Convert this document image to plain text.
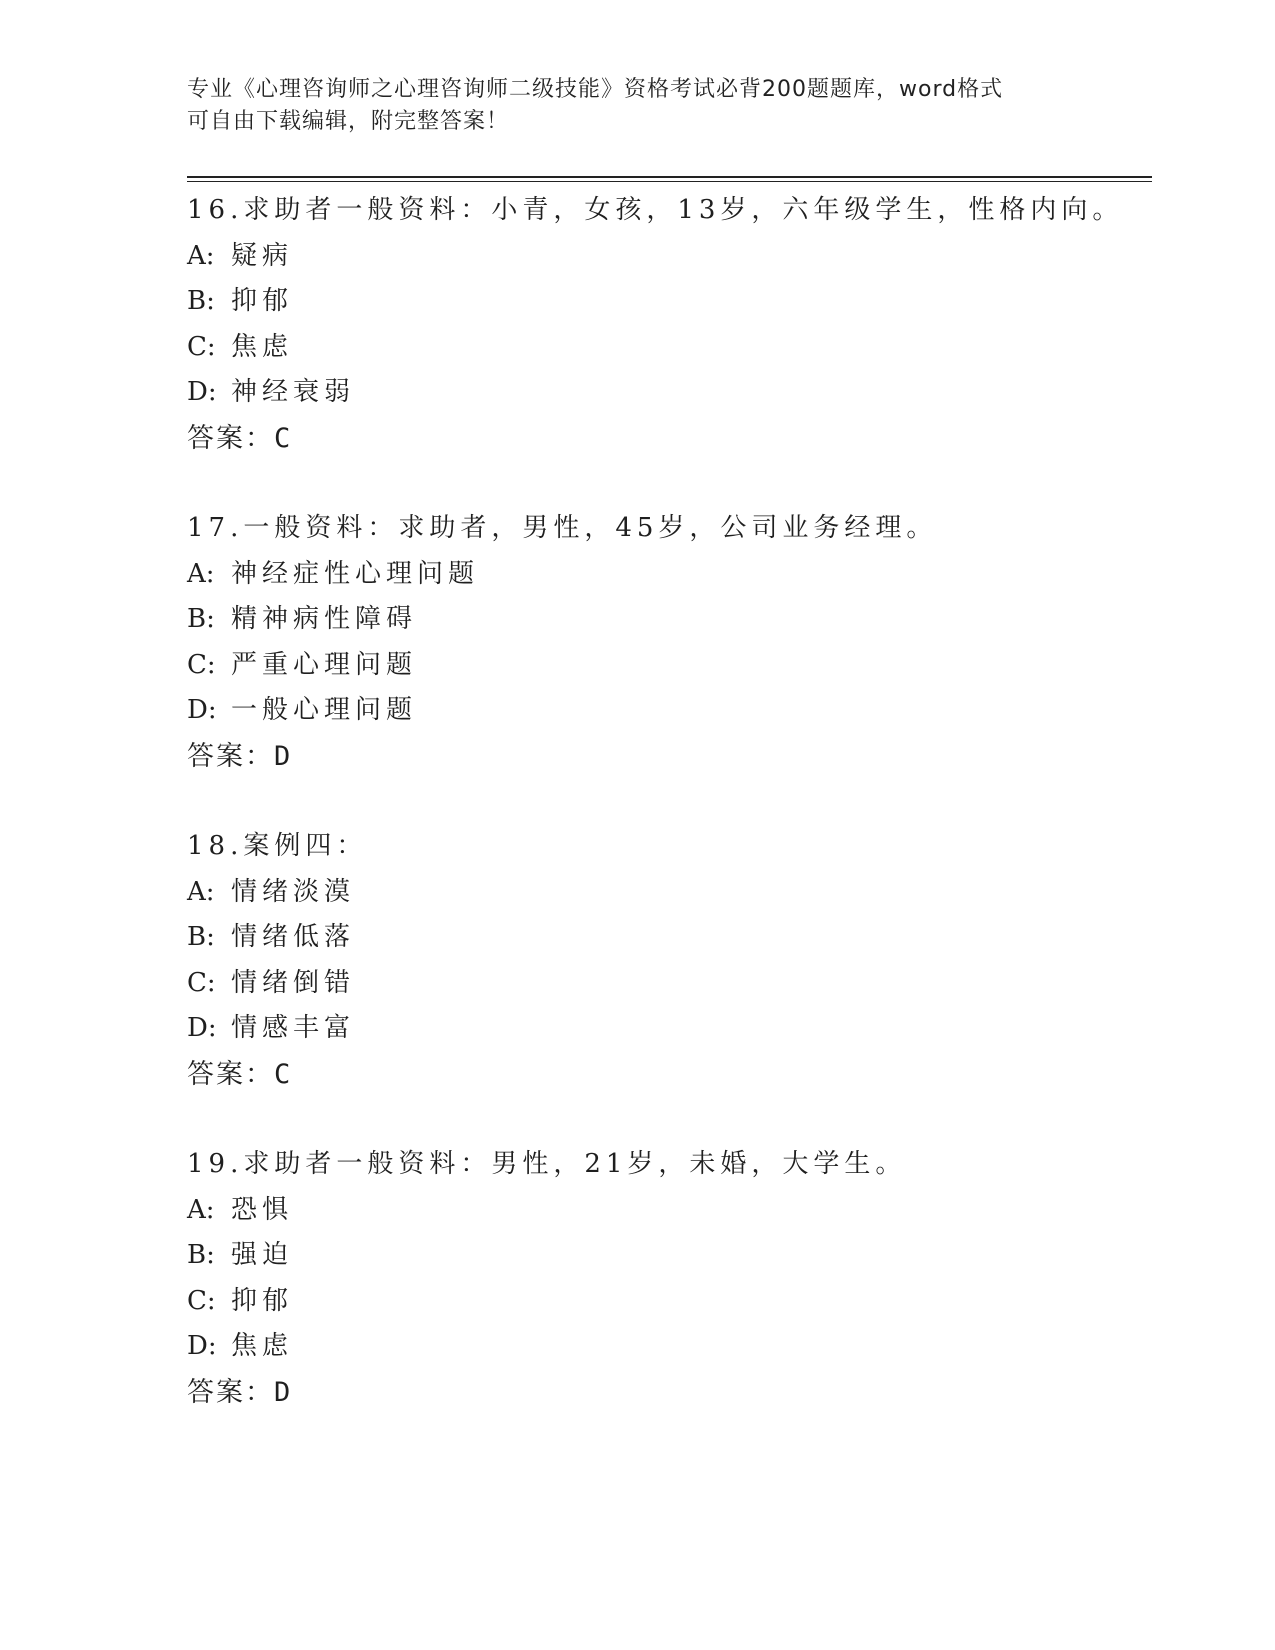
专业《心理咨询师之心理咨询师二级技能》资格考试必背200题题库，word格式
可自由下载编辑，附完整答案！
16.求助者一般资料：小青，女孩，13岁，六年级学生，性格内向。
A: 疑病
B: 抑郁
C: 焦虑
D: 神经衰弱
答案：C
17.一般资料：求助者，男性，45岁，公司业务经理。
A: 神经症性心理问题
B: 精神病性障碍
C: 严重心理问题
D: 一般心理问题
答案：D
18.案例四：
A: 情绪淡漠
B: 情绪低落
C: 情绪倒错
D: 情感丰富
答案：C
19.求助者一般资料：男性，21岁，未婚，大学生。
A: 恐惧
B: 强迫
C: 抑郁
D: 焦虑
答案：D
